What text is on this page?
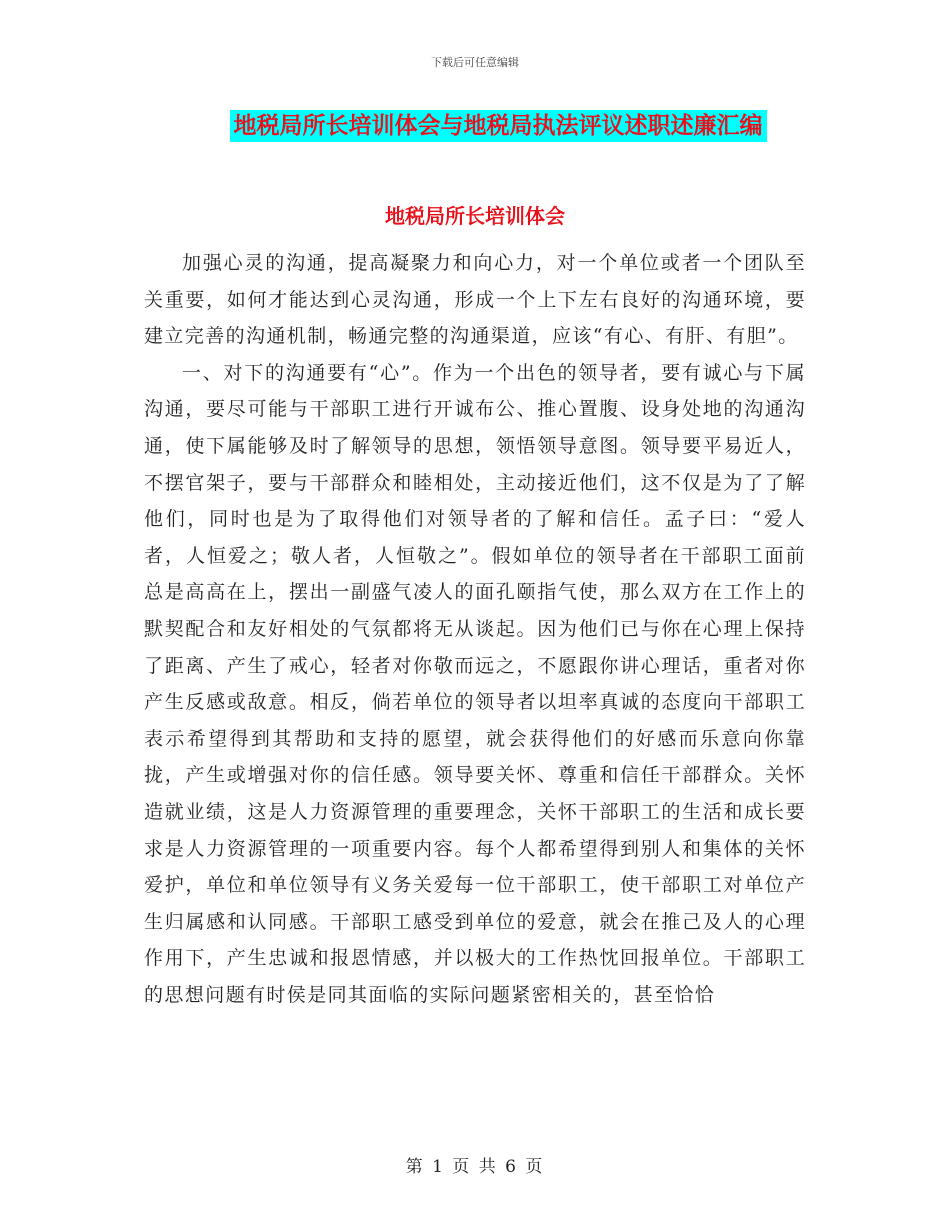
下载后可任意编辑
地税局所长培训体会与地税局执法评议述职述廉汇编
地税局所长培训体会

加强心灵的沟通，提高凝聚力和向心力，对一个单位或者一个团队至关重要，如何才能达到心灵沟通，形成一个上下左右良好的沟通环境，要建立完善的沟通机制，畅通完整的沟通渠道，应该“有心、有肝、有胆”。

一、对下的沟通要有“心”。作为一个出色的领导者，要有诚心与下属沟通，要尽可能与干部职工进行开诚布公、推心置腹、设身处地的沟通沟通，使下属能够及时了解领导的思想，领悟领导意图。领导要平易近人，不摆官架子，要与干部群众和睦相处，主动接近他们，这不仅是为了了解他们，同时也是为了取得他们对领导者的了解和信任。孟子曰：“爱人者，人恒爱之；敬人者，人恒敬之”。假如单位的领导者在干部职工面前总是高高在上，摆出一副盛气凌人的面孔颐指气使，那么双方在工作上的默契配合和友好相处的气氛都将无从谈起。因为他们已与你在心理上保持了距离、产生了戒心，轻者对你敬而远之，不愿跟你讲心理话，重者对你产生反感或敌意。相反，倘若单位的领导者以坦率真诚的态度向干部职工表示希望得到其帮助和支持的愿望，就会获得他们的好感而乐意向你靠拢，产生或增强对你的信任感。领导要关怀、尊重和信任干部群众。关怀造就业绩，这是人力资源管理的重要理念，关怀干部职工的生活和成长要求是人力资源管理的一项重要内容。每个人都希望得到别人和集体的关怀爱护，单位和单位领导有义务关爱每一位干部职工，使干部职工对单位产生归属感和认同感。干部职工感受到单位的爱意，就会在推己及人的心理作用下，产生忠诚和报恩情感，并以极大的工作热忱回报单位。干部职工的思想问题有时侯是同其面临的实际问题紧密相关的，甚至恰恰

第 1 页 共 6 页
